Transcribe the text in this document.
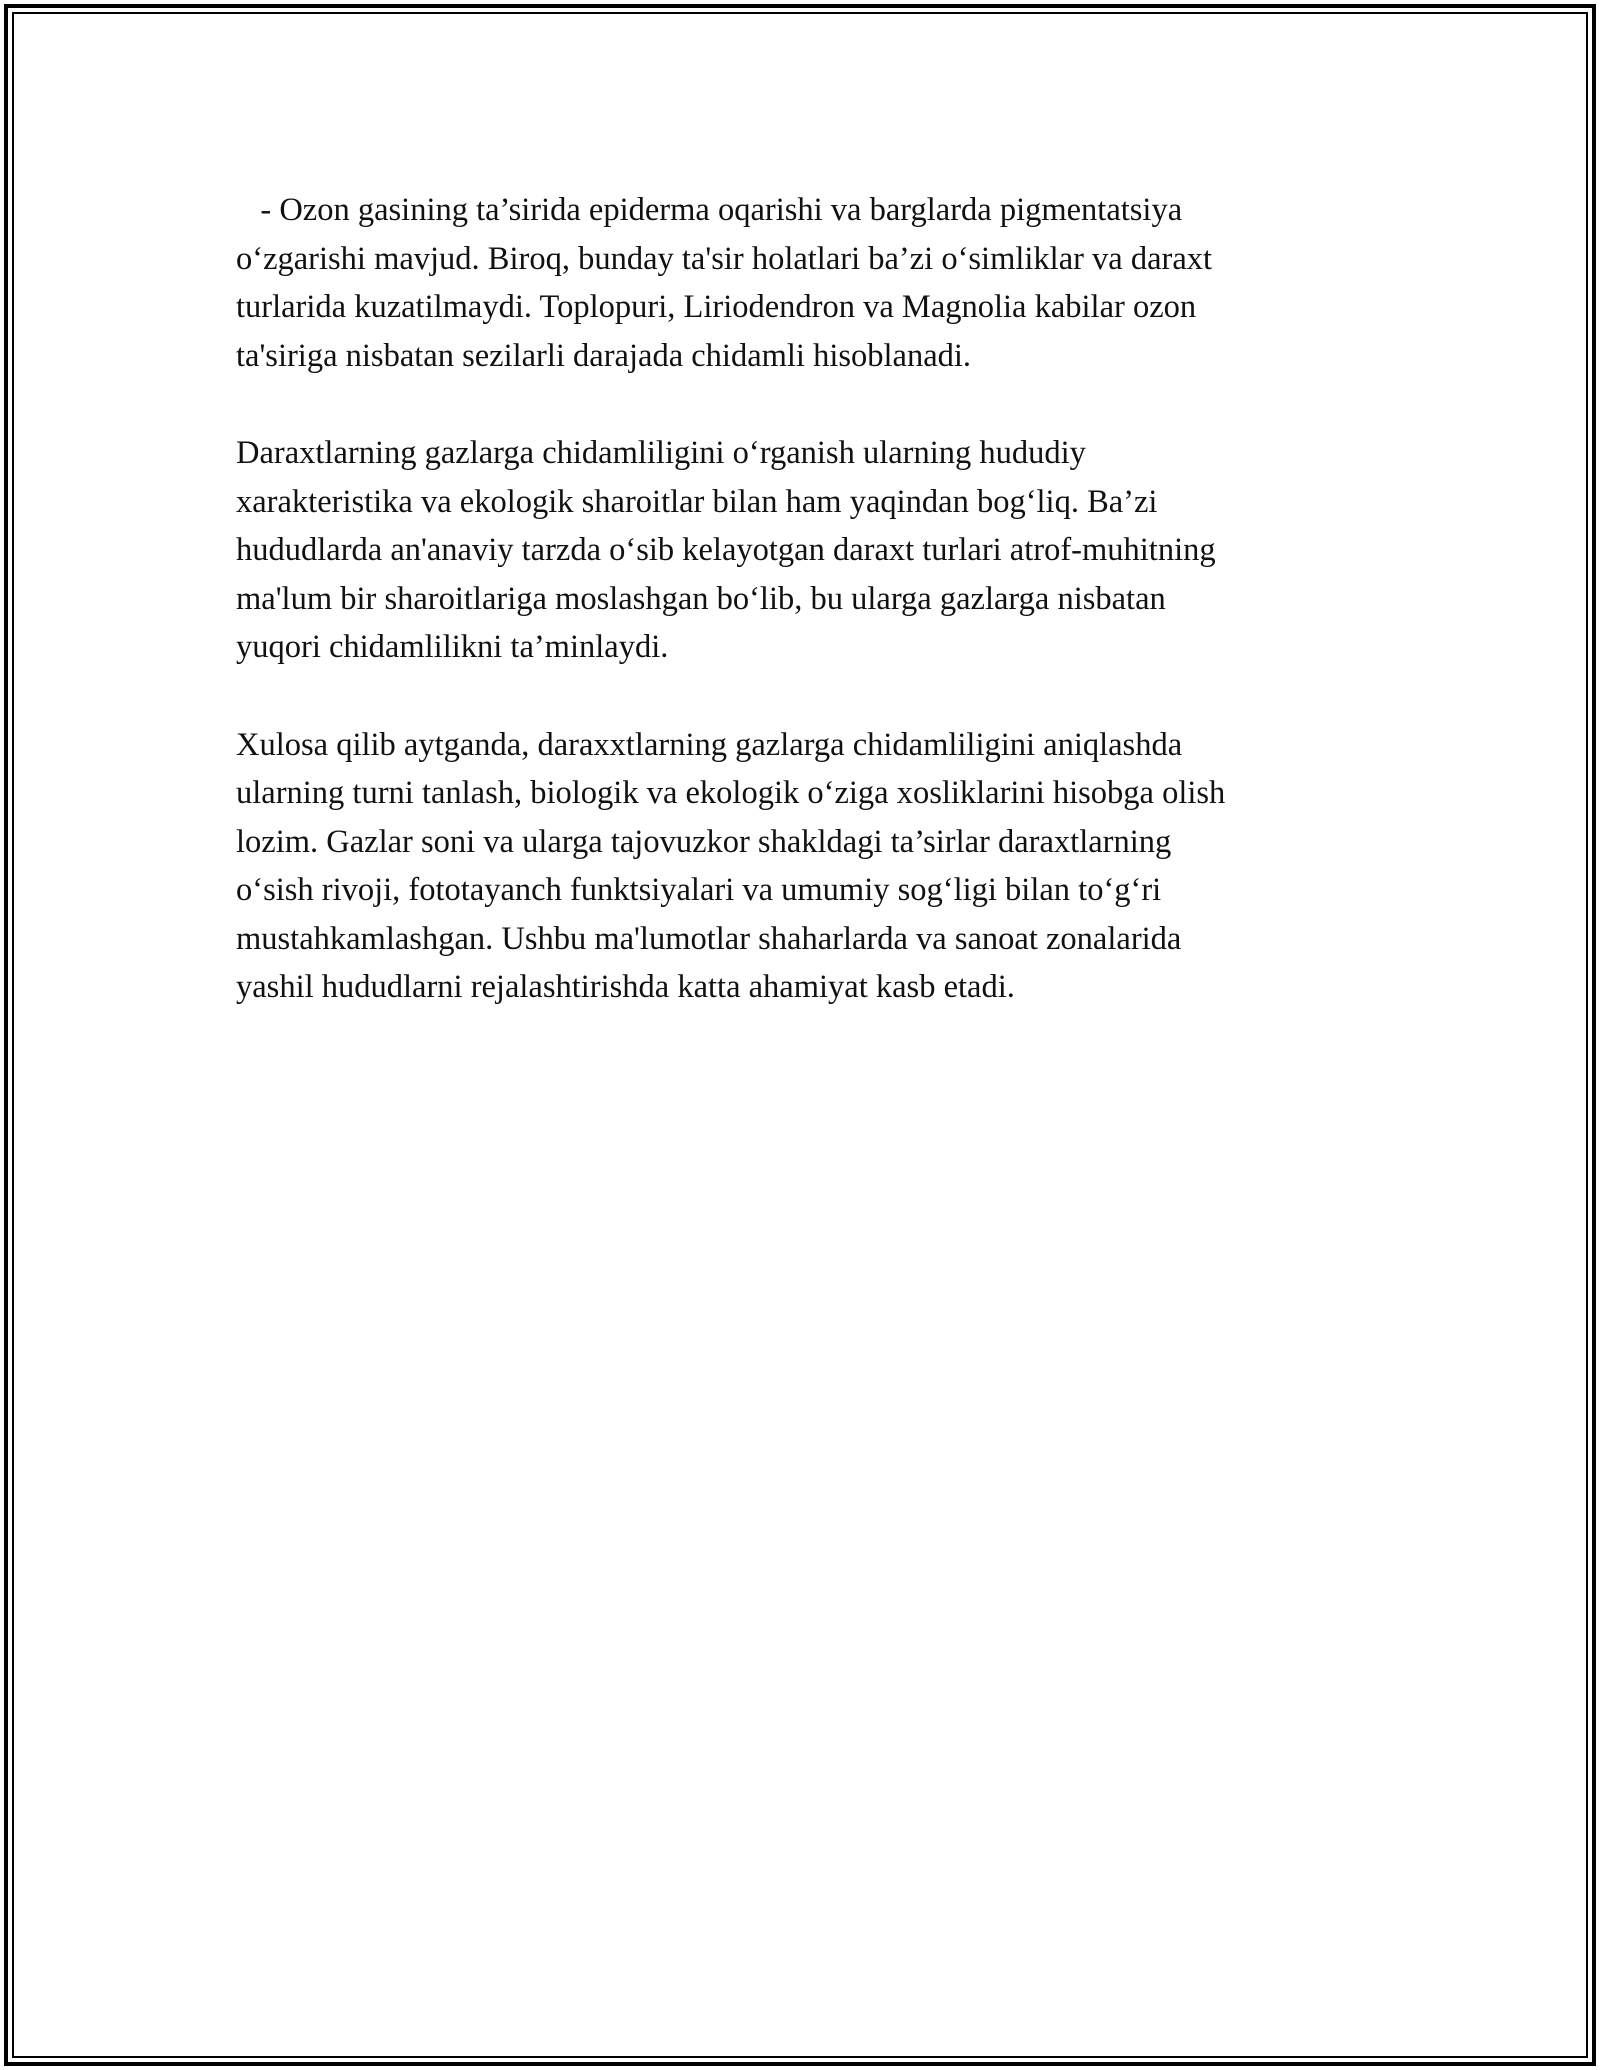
- Ozon gasining ta’sirida epiderma oqarishi va barglarda pigmentatsiya
o‘zgarishi mavjud. Biroq, bunday ta'sir holatlari ba’zi o‘simliklar va daraxt
turlarida kuzatilmaydi. Toplopuri, Liriodendron va Magnolia kabilar ozon
ta'siriga nisbatan sezilarli darajada chidamli hisoblanadi.

Daraxtlarning gazlarga chidamliligini o‘rganish ularning hududiy
xarakteristika va ekologik sharoitlar bilan ham yaqindan bog‘liq. Ba’zi
hududlarda an'anaviy tarzda o‘sib kelayotgan daraxt turlari atrof-muhitning
ma'lum bir sharoitlariga moslashgan bo‘lib, bu ularga gazlarga nisbatan
yuqori chidamlilikni ta’minlaydi.

Xulosa qilib aytganda, daraxxtlarning gazlarga chidamliligini aniqlashda
ularning turni tanlash, biologik va ekologik o‘ziga xosliklarini hisobga olish
lozim. Gazlar soni va ularga tajovuzkor shakldagi ta’sirlar daraxtlarning
o‘sish rivoji, fototayanch funktsiyalari va umumiy sog‘ligi bilan to‘g‘ri
mustahkamlashgan. Ushbu ma'lumotlar shaharlarda va sanoat zonalarida
yashil hududlarni rejalashtirishda katta ahamiyat kasb etadi.
